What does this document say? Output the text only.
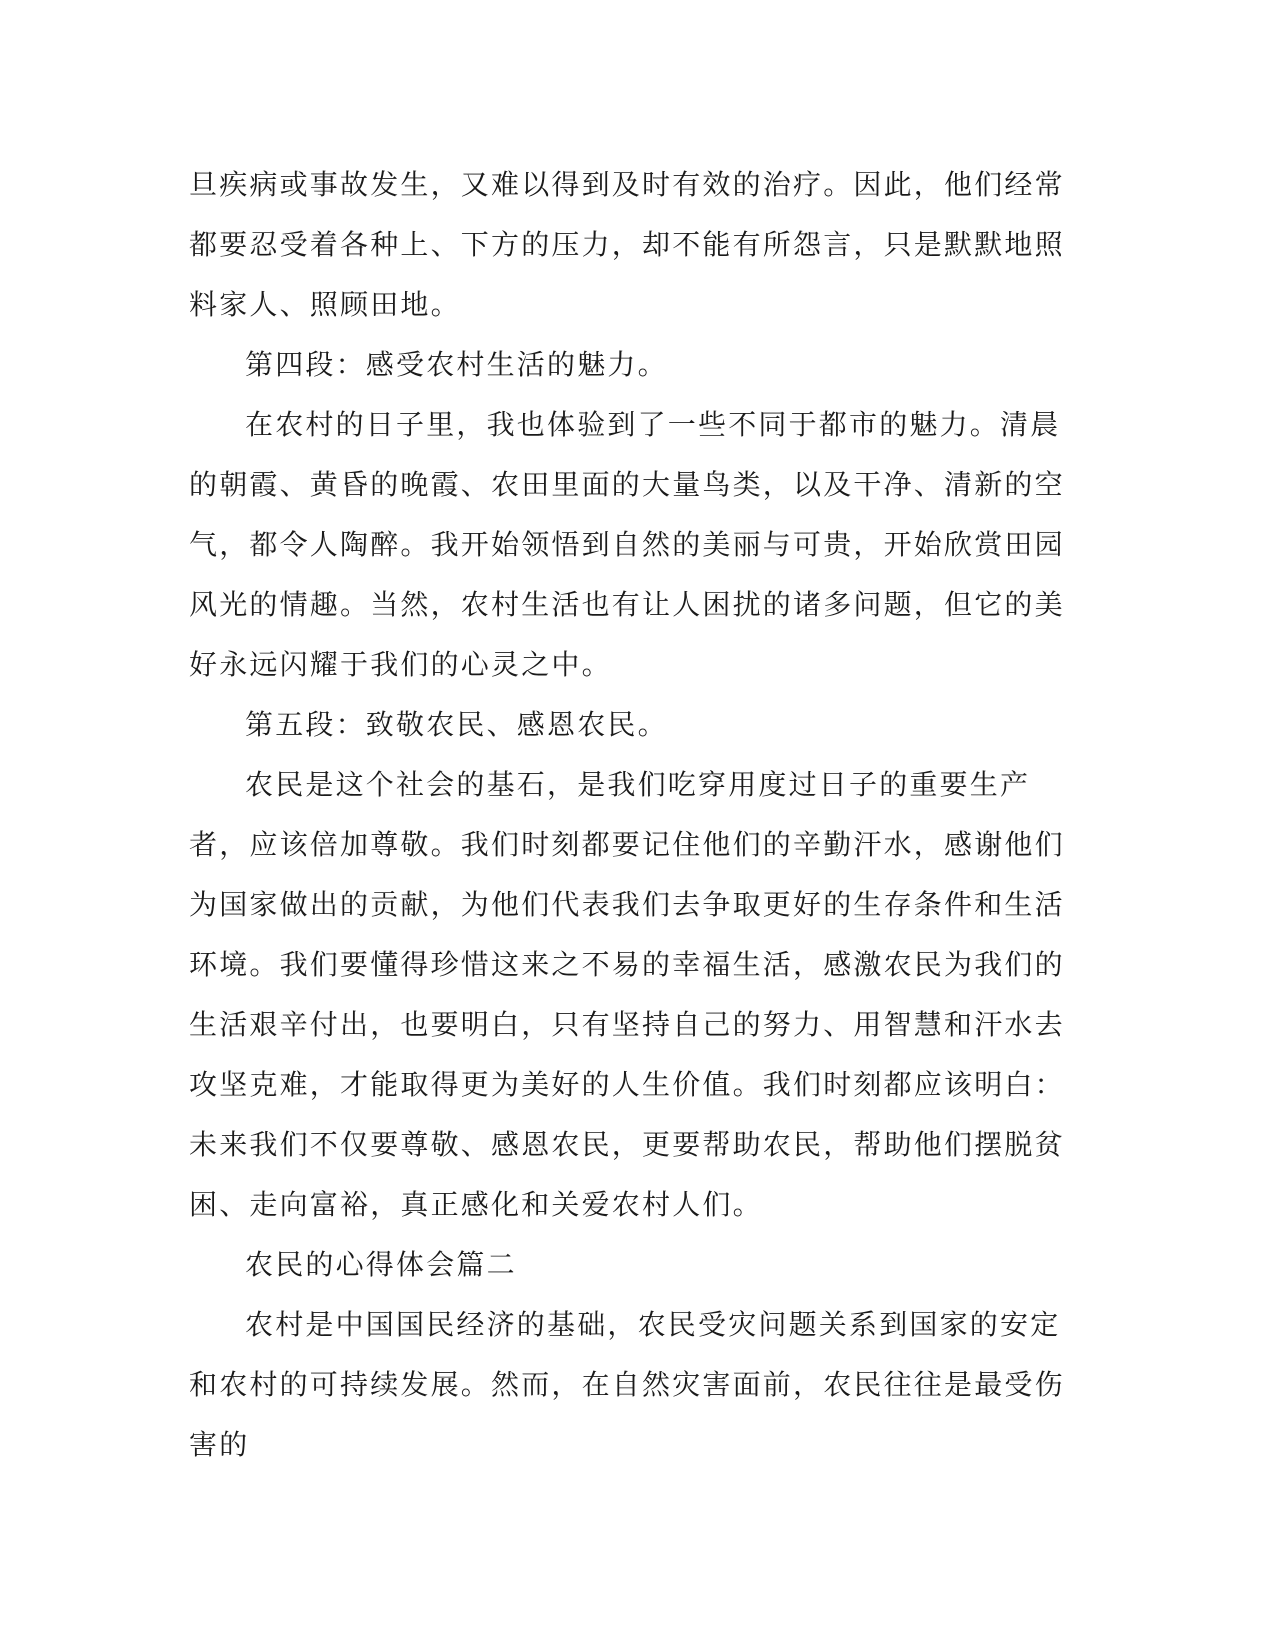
旦疾病或事故发生，又难以得到及时有效的治疗。因此，他们经常都要忍受着各种上、下方的压力，却不能有所怨言，只是默默地照料家人、照顾田地。

第四段：感受农村生活的魅力。

在农村的日子里，我也体验到了一些不同于都市的魅力。清晨的朝霞、黄昏的晚霞、农田里面的大量鸟类，以及干净、清新的空气，都令人陶醉。我开始领悟到自然的美丽与可贵，开始欣赏田园风光的情趣。当然，农村生活也有让人困扰的诸多问题，但它的美好永远闪耀于我们的心灵之中。

第五段：致敬农民、感恩农民。

农民是这个社会的基石，是我们吃穿用度过日子的重要生产者，应该倍加尊敬。我们时刻都要记住他们的辛勤汗水，感谢他们为国家做出的贡献，为他们代表我们去争取更好的生存条件和生活环境。我们要懂得珍惜这来之不易的幸福生活，感激农民为我们的生活艰辛付出，也要明白，只有坚持自己的努力、用智慧和汗水去攻坚克难，才能取得更为美好的人生价值。我们时刻都应该明白：未来我们不仅要尊敬、感恩农民，更要帮助农民，帮助他们摆脱贫困、走向富裕，真正感化和关爱农村人们。

农民的心得体会篇二

农村是中国国民经济的基础，农民受灾问题关系到国家的安定和农村的可持续发展。然而，在自然灾害面前，农民往往是最受伤害的
